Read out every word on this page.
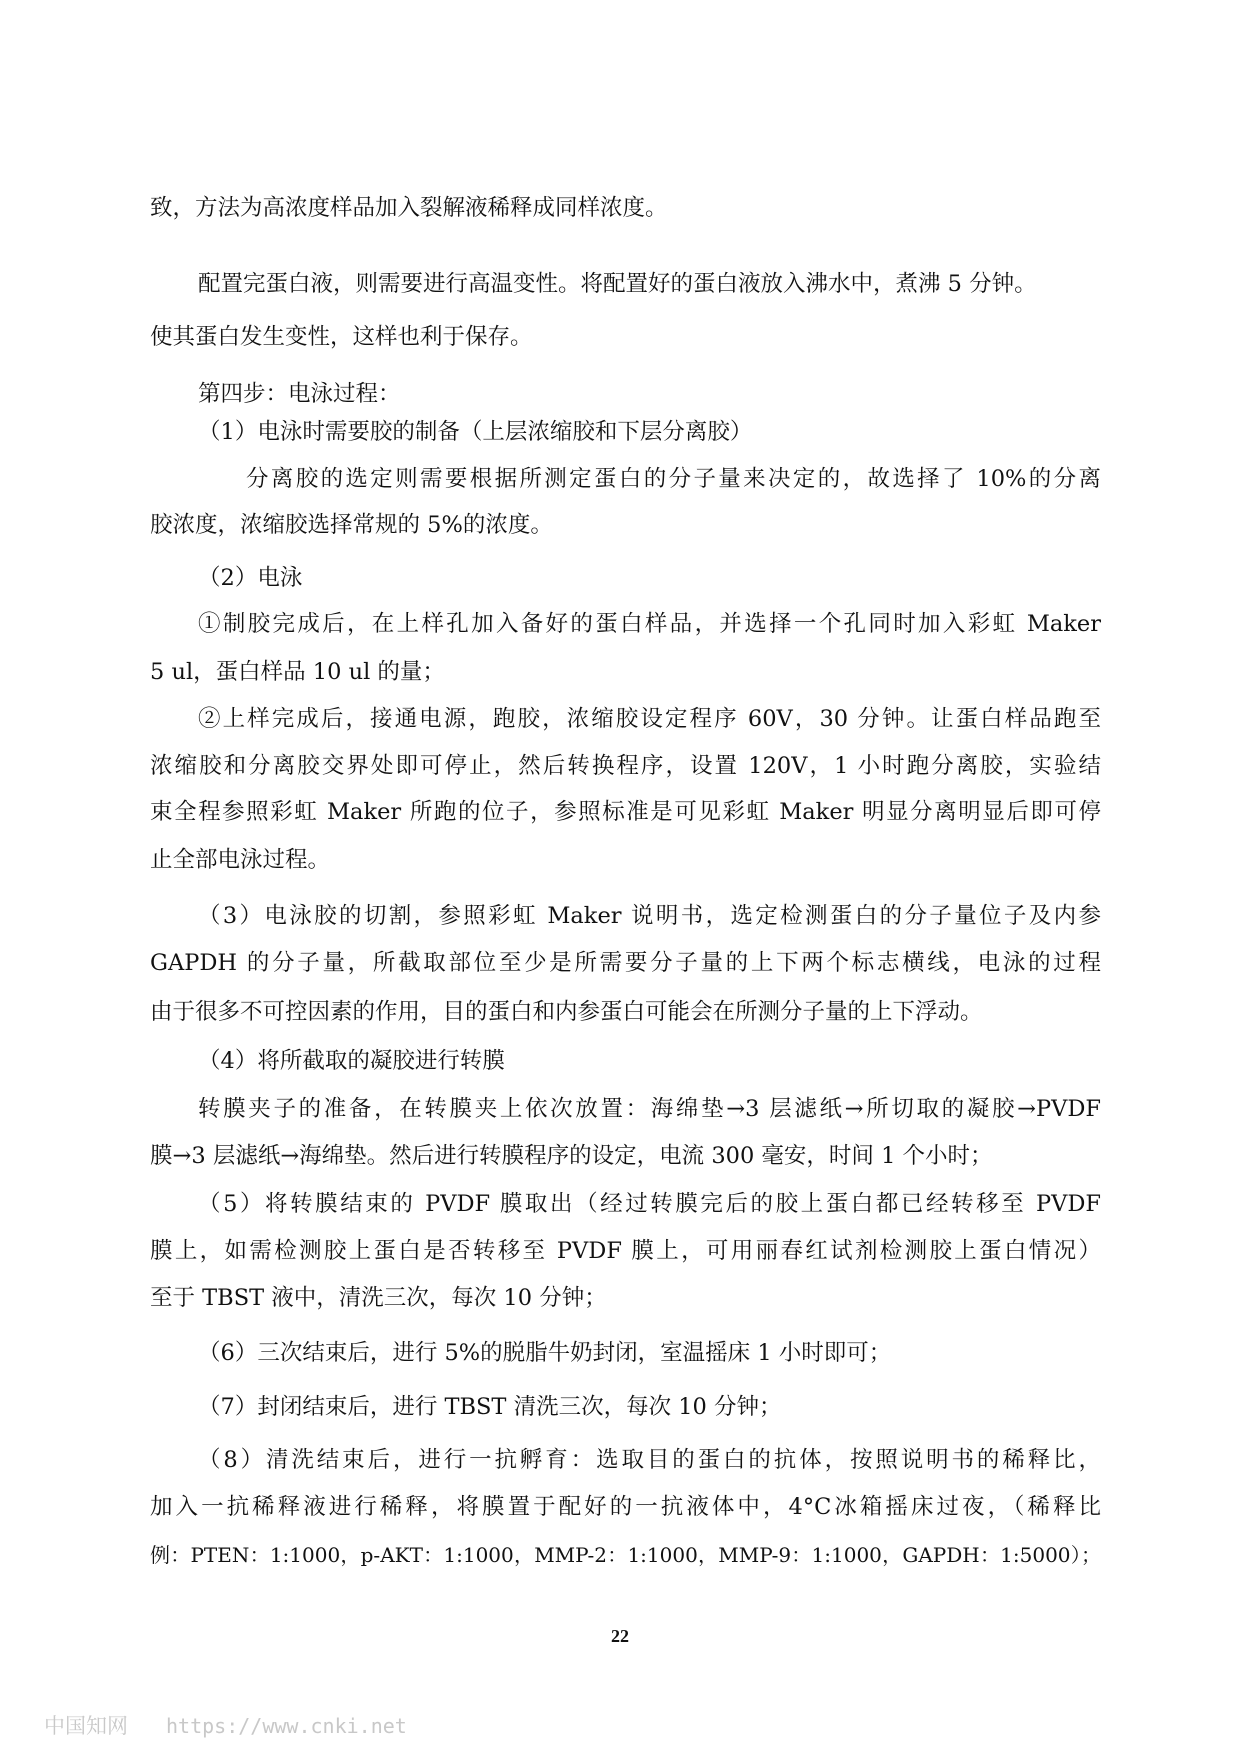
致，方法为高浓度样品加入裂解液稀释成同样浓度。
配置完蛋白液，则需要进行高温变性。将配置好的蛋白液放入沸水中，煮沸 5 分钟。
使其蛋白发生变性，这样也利于保存。
第四步：电泳过程：
（1）电泳时需要胶的制备（上层浓缩胶和下层分离胶）
分离胶的选定则需要根据所测定蛋白的分子量来决定的，故选择了 10%的分离
胶浓度，浓缩胶选择常规的 5%的浓度。
（2）电泳
①制胶完成后，在上样孔加入备好的蛋白样品，并选择一个孔同时加入彩虹 Maker
5 ul，蛋白样品 10 ul 的量；
②上样完成后，接通电源，跑胶，浓缩胶设定程序 60V，30 分钟。让蛋白样品跑至
浓缩胶和分离胶交界处即可停止，然后转换程序，设置 120V，1 小时跑分离胶，实验结
束全程参照彩虹 Maker 所跑的位子，参照标准是可见彩虹 Maker 明显分离明显后即可停
止全部电泳过程。
（3）电泳胶的切割，参照彩虹 Maker 说明书，选定检测蛋白的分子量位子及内参
GAPDH 的分子量，所截取部位至少是所需要分子量的上下两个标志横线，电泳的过程
由于很多不可控因素的作用，目的蛋白和内参蛋白可能会在所测分子量的上下浮动。
（4）将所截取的凝胶进行转膜
转膜夹子的准备，在转膜夹上依次放置：海绵垫→3 层滤纸→所切取的凝胶→PVDF
膜→3 层滤纸→海绵垫。然后进行转膜程序的设定，电流 300 毫安，时间 1 个小时；
（5）将转膜结束的 PVDF 膜取出（经过转膜完后的胶上蛋白都已经转移至 PVDF
膜上，如需检测胶上蛋白是否转移至 PVDF 膜上，可用丽春红试剂检测胶上蛋白情况）
至于 TBST 液中，清洗三次，每次 10 分钟；
（6）三次结束后，进行 5%的脱脂牛奶封闭，室温摇床 1 小时即可；
（7）封闭结束后，进行 TBST 清洗三次，每次 10 分钟；
（8）清洗结束后，进行一抗孵育：选取目的蛋白的抗体，按照说明书的稀释比，
加入一抗稀释液进行稀释，将膜置于配好的一抗液体中，4°C冰箱摇床过夜，（稀释比
例：PTEN：1:1000，p-AKT：1:1000，MMP-2：1:1000，MMP-9：1:1000，GAPDH：1:5000）；
22
中国知网 https://www.cnki.net
